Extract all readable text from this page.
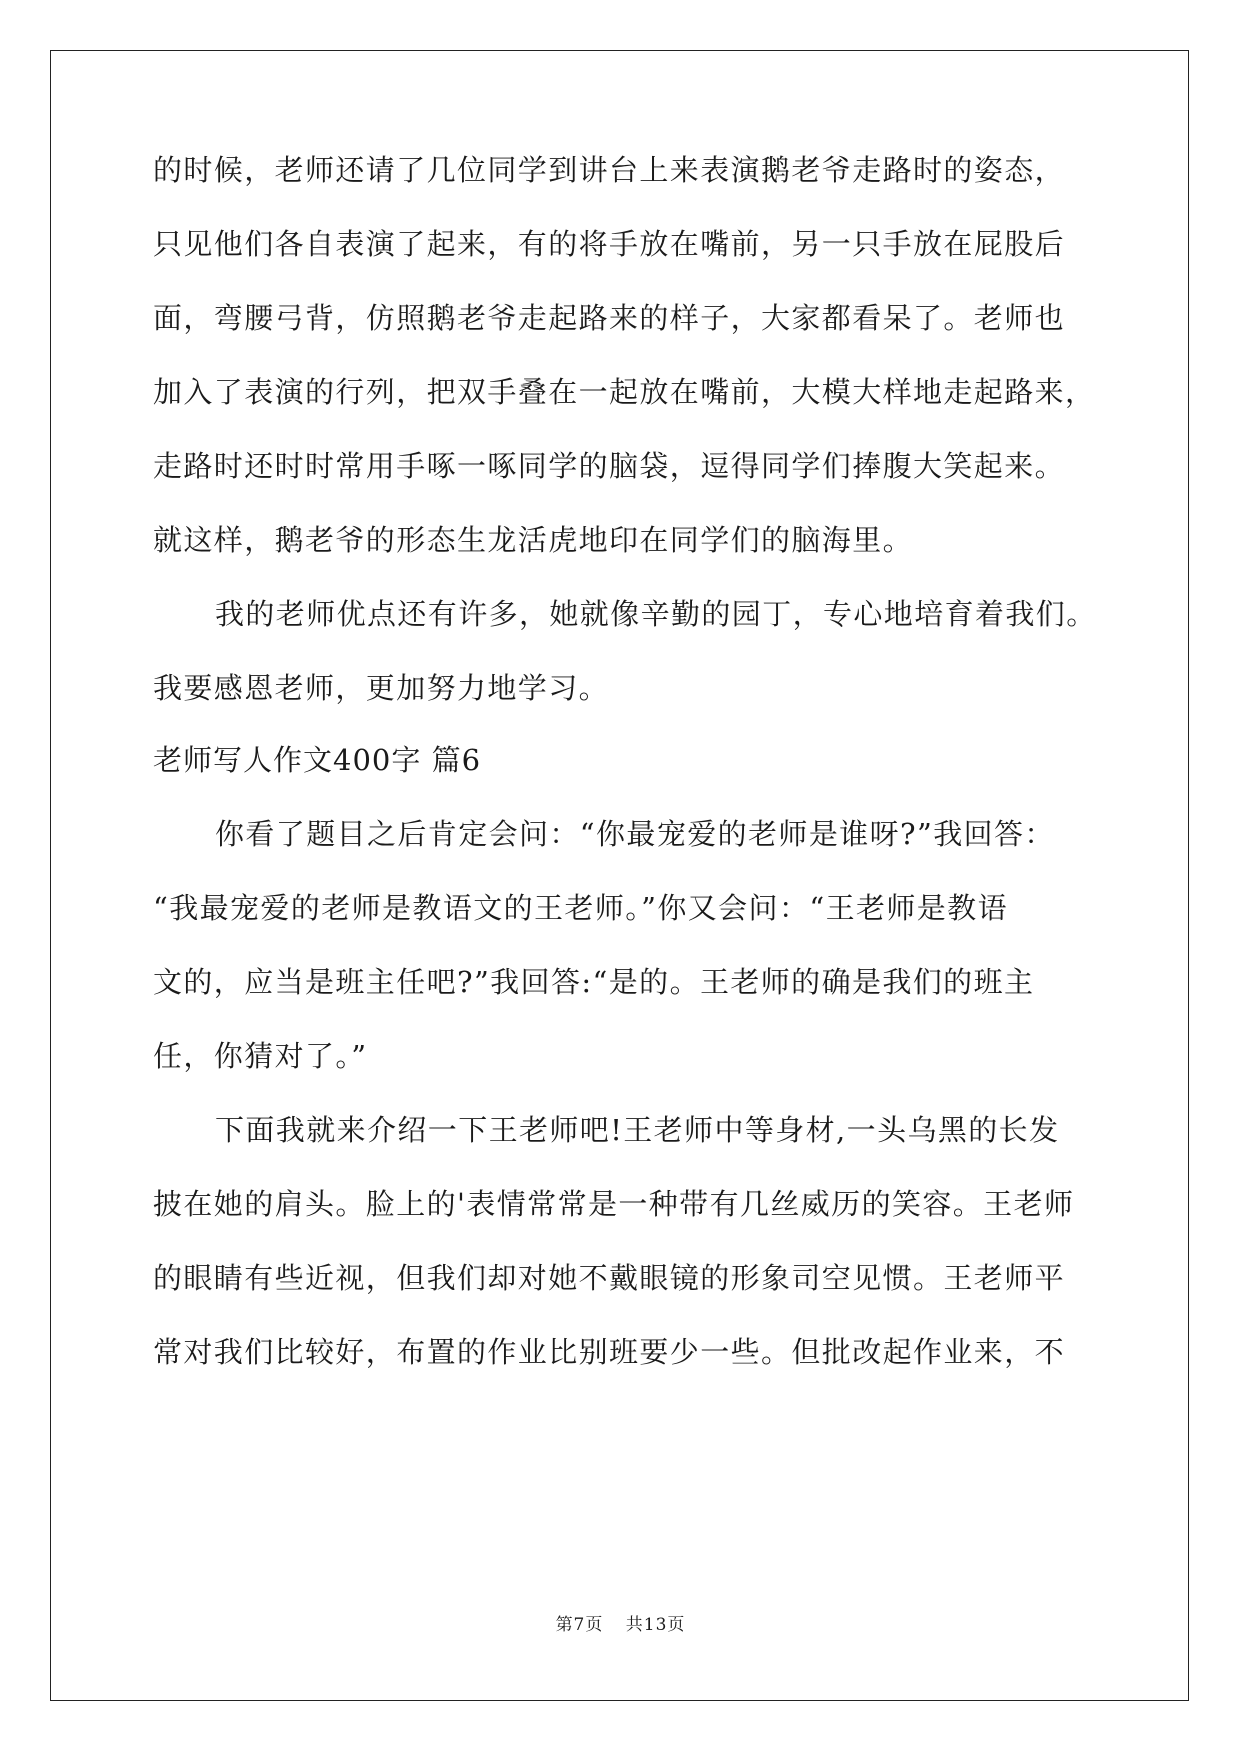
的时候，老师还请了几位同学到讲台上来表演鹅老爷走路时的姿态，
只见他们各自表演了起来，有的将手放在嘴前，另一只手放在屁股后
面，弯腰弓背，仿照鹅老爷走起路来的样子，大家都看呆了。老师也
加入了表演的行列，把双手叠在一起放在嘴前，大模大样地走起路来，
走路时还时时常用手啄一啄同学的脑袋，逗得同学们捧腹大笑起来。
就这样，鹅老爷的形态生龙活虎地印在同学们的脑海里。
我的老师优点还有许多，她就像辛勤的园丁，专心地培育着我们。
我要感恩老师，更加努力地学习。
老师写人作文400字 篇6
你看了题目之后肯定会问：“你最宠爱的老师是谁呀?”我回答：
“我最宠爱的老师是教语文的王老师。”你又会问：“王老师是教语
文的，应当是班主任吧?”我回答:“是的。王老师的确是我们的班主
任，你猜对了。”
下面我就来介绍一下王老师吧!王老师中等身材,一头乌黑的长发
披在她的肩头。脸上的'表情常常是一种带有几丝威历的笑容。王老师
的眼睛有些近视，但我们却对她不戴眼镜的形象司空见惯。王老师平
常对我们比较好，布置的作业比别班要少一些。但批改起作业来，不
第7页 共13页
